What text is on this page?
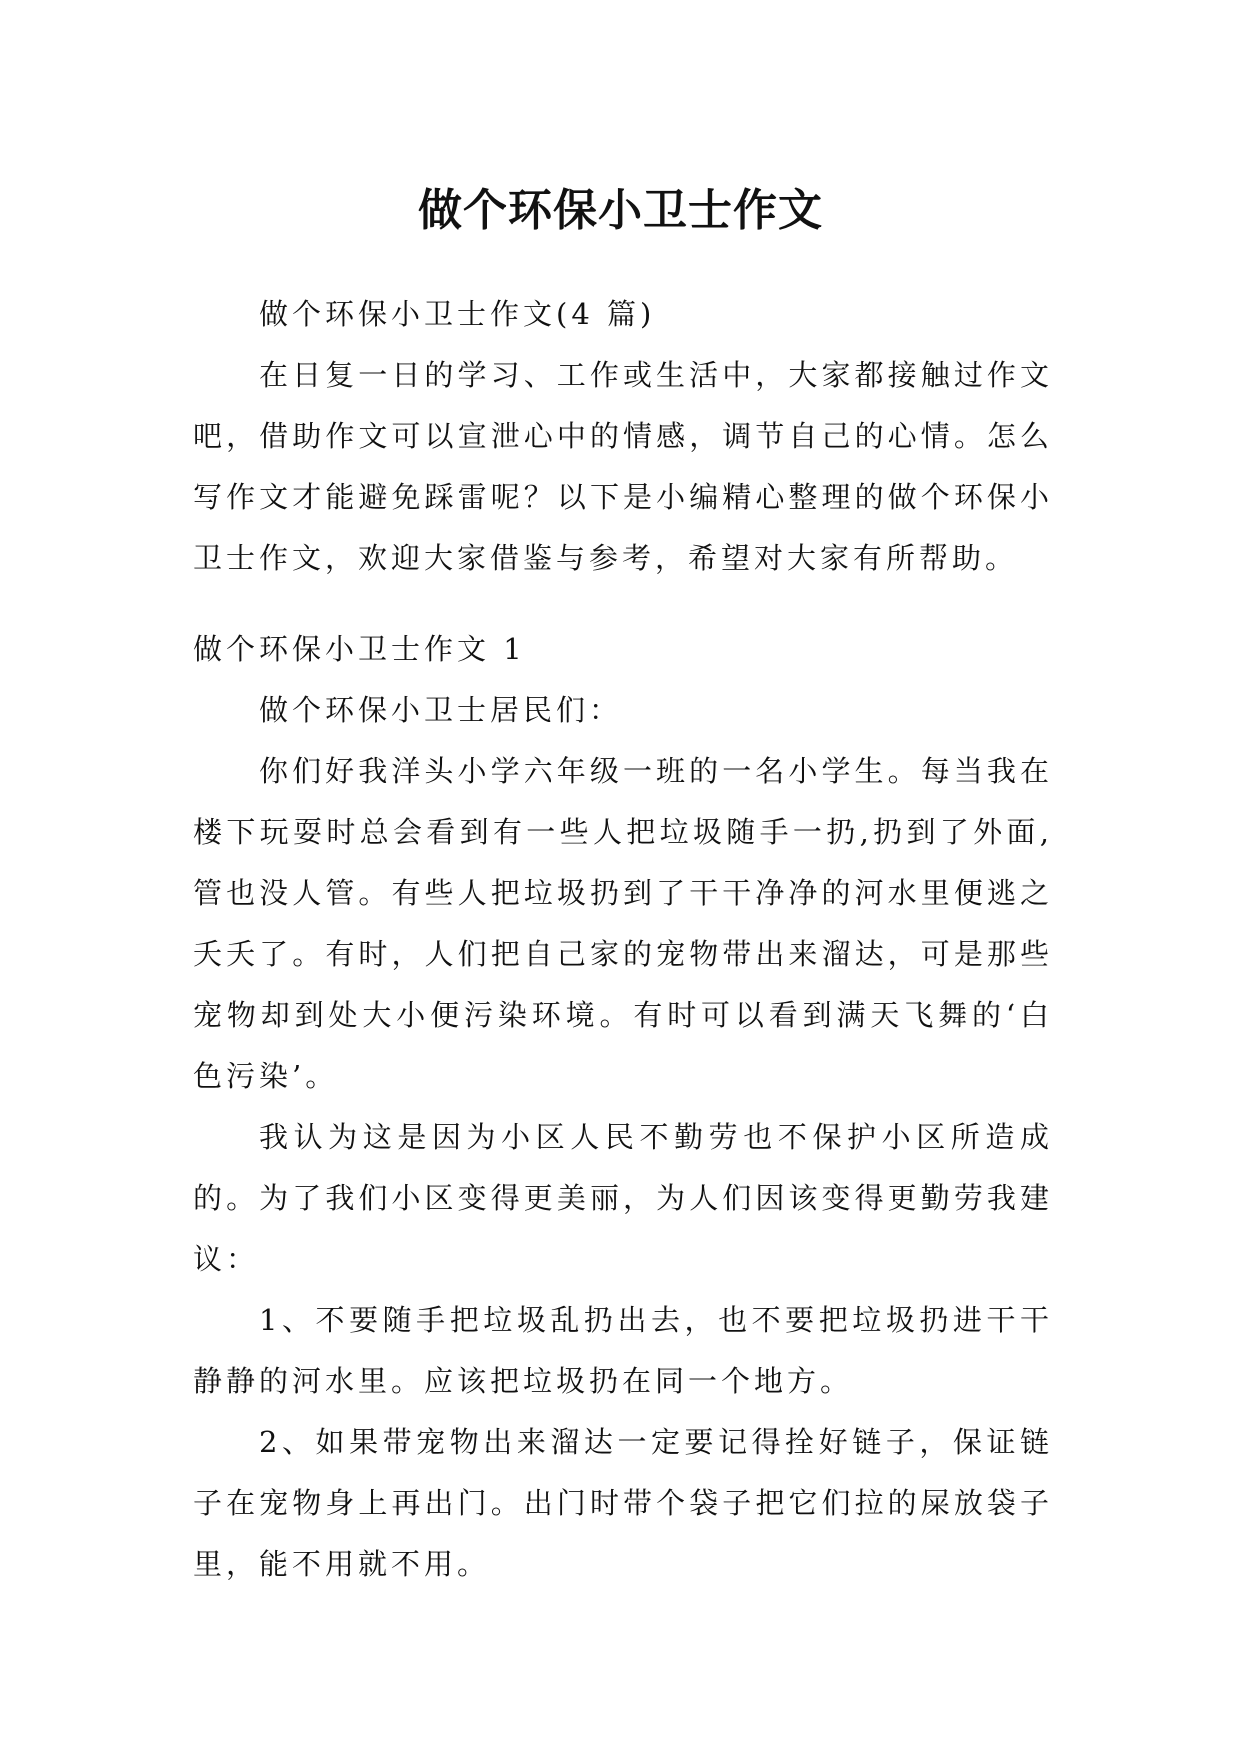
做个环保小卫士作文

做个环保小卫士作文(4 篇)

在日复一日的学习、工作或生活中，大家都接触过作文吧，借助作文可以宣泄心中的情感，调节自己的心情。怎么写作文才能避免踩雷呢？以下是小编精心整理的做个环保小卫士作文，欢迎大家借鉴与参考，希望对大家有所帮助。

做个环保小卫士作文 1

做个环保小卫士居民们：

你们好我洋头小学六年级一班的一名小学生。每当我在楼下玩耍时总会看到有一些人把垃圾随手一扔,扔到了外面,管也没人管。有些人把垃圾扔到了干干净净的河水里便逃之夭夭了。有时，人们把自己家的宠物带出来溜达，可是那些宠物却到处大小便污染环境。有时可以看到满天飞舞的‘白色污染’。

我认为这是因为小区人民不勤劳也不保护小区所造成的。为了我们小区变得更美丽，为人们因该变得更勤劳我建议：

1、不要随手把垃圾乱扔出去，也不要把垃圾扔进干干静静的河水里。应该把垃圾扔在同一个地方。

2、如果带宠物出来溜达一定要记得拴好链子，保证链子在宠物身上再出门。出门时带个袋子把它们拉的屎放袋子里，能不用就不用。
